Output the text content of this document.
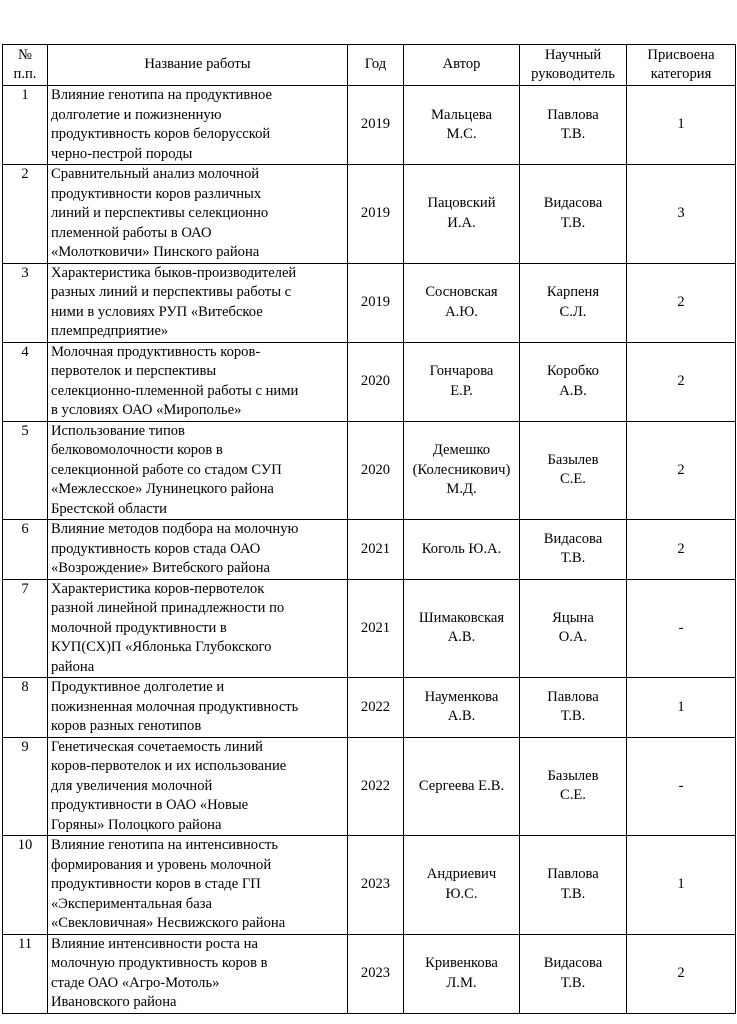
№
п.п.	Название работы	Год	Автор	Научный
руководитель	Присвоена
категория
1	Влияние генотипа на продуктивное
долголетие и пожизненную
продуктивность коров белорусской
черно-пестрой породы	2019	Мальцева
М.С.	Павлова
Т.В.	1
2	Сравнительный анализ молочной
продуктивности коров различных
линий и перспективы селекционно
племенной работы в ОАО
«Молотковичи» Пинского района	2019	Пацовский
И.А.	Видасова
Т.В.	3
3	Характеристика быков-производителей
разных линий и перспективы работы с
ними в условиях РУП «Витебское
племпредприятие»	2019	Сосновская
А.Ю.	Карпеня
С.Л.	2
4	Молочная продуктивность коров-
первотелок и перспективы
селекционно-племенной работы с ними
в условиях ОАО «Мирополье»	2020	Гончарова
Е.Р.	Коробко
А.В.	2
5	Использование типов
белковомолочности коров в
селекционной работе со стадом СУП
«Межлесское» Лунинецкого района
Брестской области	2020	Демешко
(Колесникович)
М.Д.	Базылев
С.Е.	2
6	Влияние методов подбора на молочную
продуктивность коров стада ОАО
«Возрождение» Витебского района	2021	Коголь Ю.А.	Видасова
Т.В.	2
7	Характеристика коров-первотелок
разной линейной принадлежности по
молочной продуктивности в
КУП(СХ)П «Яблонька Глубокского
района	2021	Шимаковская
А.В.	Яцына
О.А.	-
8	Продуктивное долголетие и
пожизненная молочная продуктивность
коров разных генотипов	2022	Науменкова
А.В.	Павлова
Т.В.	1
9	Генетическая сочетаемость линий
коров-первотелок и их использование
для увеличения молочной
продуктивности в ОАО «Новые
Горяны» Полоцкого района	2022	Сергеева Е.В.	Базылев
С.Е.	-
10	Влияние генотипа на интенсивность
формирования и уровень молочной
продуктивности коров в стаде ГП
«Экспериментальная база
«Свекловичная» Несвижского района	2023	Андриевич
Ю.С.	Павлова
Т.В.	1
11	Влияние интенсивности роста на
молочную продуктивность коров в
стаде ОАО «Агро-Мотоль»
Ивановского района	2023	Кривенкова
Л.М.	Видасова
Т.В.	2
